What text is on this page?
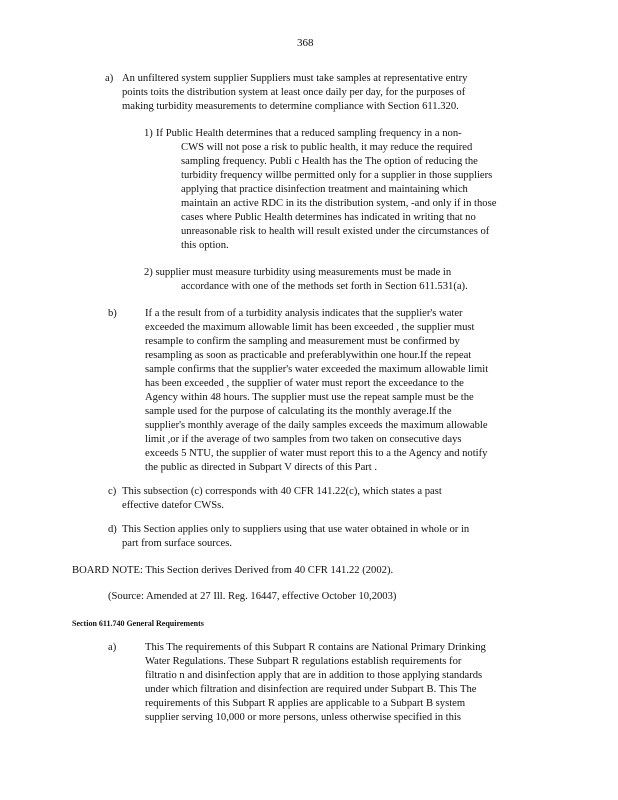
368
a) An unfiltered system supplier Suppliers must take samples at representative entry
points toits the distribution system at least once daily per day, for the purposes of
making turbidity measurements to determine compliance with Section 611.320.
1) If Public Health determines that a reduced sampling frequency in a non-
CWS will not pose a risk to public health, it may reduce the required
sampling frequency. Publi c Health has the The option of reducing the
turbidity frequency willbe permitted only for a supplier in those suppliers
applying that practice disinfection treatment and maintaining which
maintain an active RDC in its the distribution system, -and only if in those
cases where Public Health determines has indicated in writing that no
unreasonable risk to health will result existed under the circumstances of
this option.
2) supplier must measure turbidity using measurements must be made in
accordance with one of the methods set forth in Section 611.531(a).
b)	If a the result from of a turbidity analysis indicates that the supplier's water
exceeded the maximum allowable limit has been exceeded , the supplier must
resample to confirm the sampling and measurement must be confirmed by
resampling as soon as practicable and preferablywithin one hour.If the repeat
sample confirms that the supplier's water exceeded the maximum allowable limit
has been exceeded , the supplier of water must report the exceedance to the
Agency within 48 hours. The supplier must use the repeat sample must be the
sample used for the purpose of calculating its the monthly average.If the
supplier's monthly average of the daily samples exceeds the maximum allowable
limit ,or if the average of two samples from two taken on consecutive days
exceeds 5 NTU, the supplier of water must report this to a the Agency and notify
the public as directed in Subpart V directs of this Part .
c) This subsection (c) corresponds with 40 CFR 141.22(c), which states a past
effective datefor CWSs.
d) This Section applies only to suppliers using that use water obtained in whole or in
part from surface sources.
BOARD NOTE: This Section derives Derived from 40 CFR 141.22 (2002).
(Source: Amended at 27 Ill. Reg. 16447, effective October 10,2003)
Section 611.740 General Requirements
a)	This The requirements of this Subpart R contains are National Primary Drinking
Water Regulations. These Subpart R regulations establish requirements for
filtratio n and disinfection apply that are in addition to those applying standards
under which filtration and disinfection are required under Subpart B. This The
requirements of this Subpart R applies are applicable to a Subpart B system
supplier serving 10,000 or more persons, unless otherwise specified in this
